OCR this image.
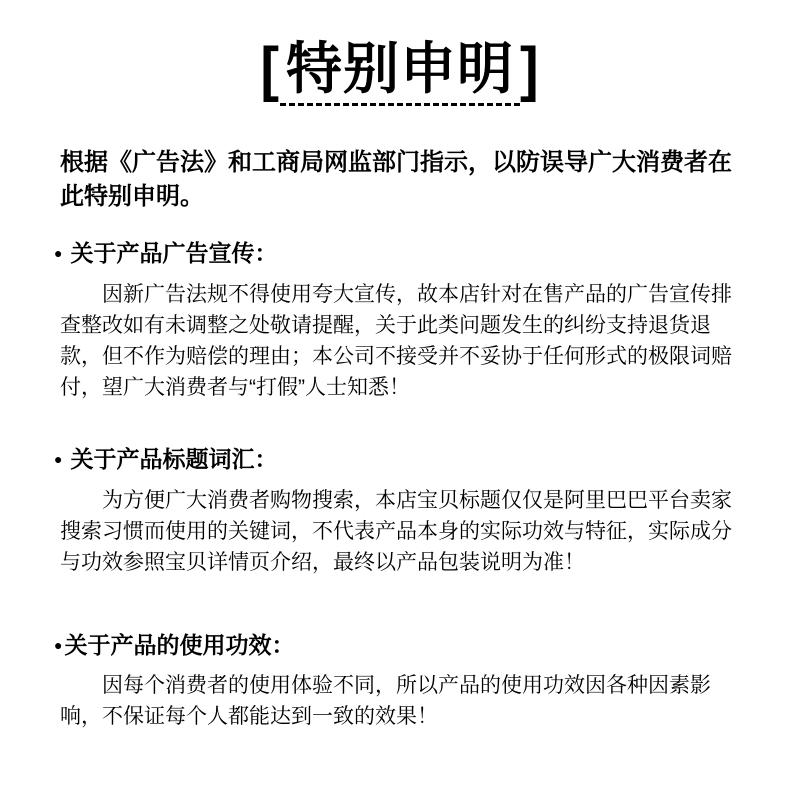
[ 特别申明 ]

根据《广告法》和工商局网监部门指示，以防误导广大消费者在此特别申明。

● 关于产品广告宣传：

因新广告法规不得使用夸大宣传，故本店针对在售产品的广告宣传排查整改如有未调整之处敬请提醒，关于此类问题发生的纠纷支持退货退款，但不作为赔偿的理由；本公司不接受并不妥协于任何形式的极限词赔付，望广大消费者与“打假”人士知悉！

● 关于产品标题词汇：

为方便广大消费者购物搜索，本店宝贝标题仅仅是阿里巴巴平台卖家搜索习惯而使用的关键词，不代表产品本身的实际功效与特征，实际成分与功效参照宝贝详情页介绍，最终以产品包装说明为准！

●关于产品的使用功效：

因每个消费者的使用体验不同，所以产品的使用功效因各种因素影响，不保证每个人都能达到一致的效果！
